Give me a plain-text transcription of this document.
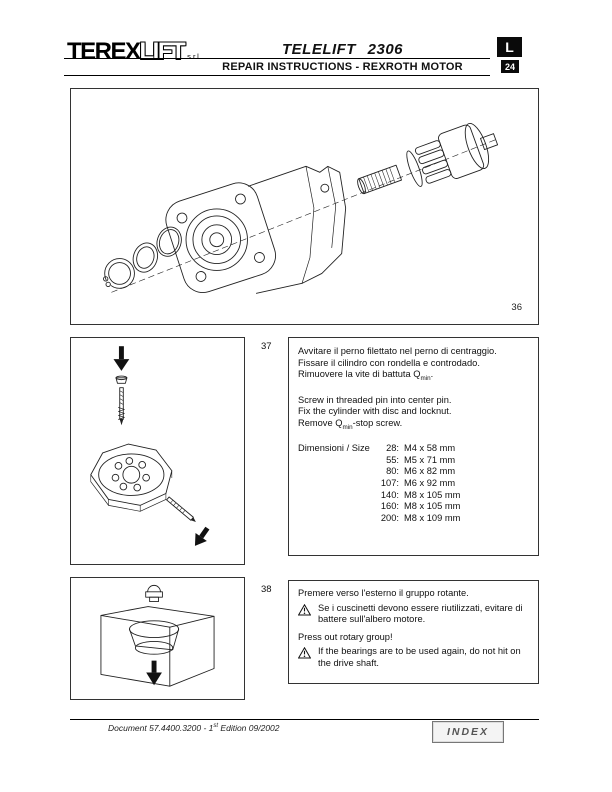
TEREX LIFT s.r.l.	TELELIFT 2306
REPAIR INSTRUCTIONS - REXROTH MOTOR
L
24
36
37	Avvitare il perno filettato nel perno di centraggio.

Fissare il cilindro con rondella e controdado.

Rimuovere la vite di battuta $Q_{min}$.

Screw in threaded pin into center pin.

Fix the cylinder with disc and locknut.

Remove $Q_{min}$-stop screw.

Dimensioni / Size	28: M4 x 58 mm
55: M5 x 71 mm
80: M6 x 82 mm
107: M6 x 92 mm
140: M8 x 105 mm
160: M8 x 105 mm
200: M8 x 109 mm
38	Premere verso l'esterno il gruppo rotante.

Se i cuscinetti devono essere riutilizzati, evitare di battere sull'albero motore.

Press out rotary group!

If the bearings are to be used again, do not hit on the drive shaft.
Document 57.4400.3200 - 1st Edition 09/2002	INDEX
